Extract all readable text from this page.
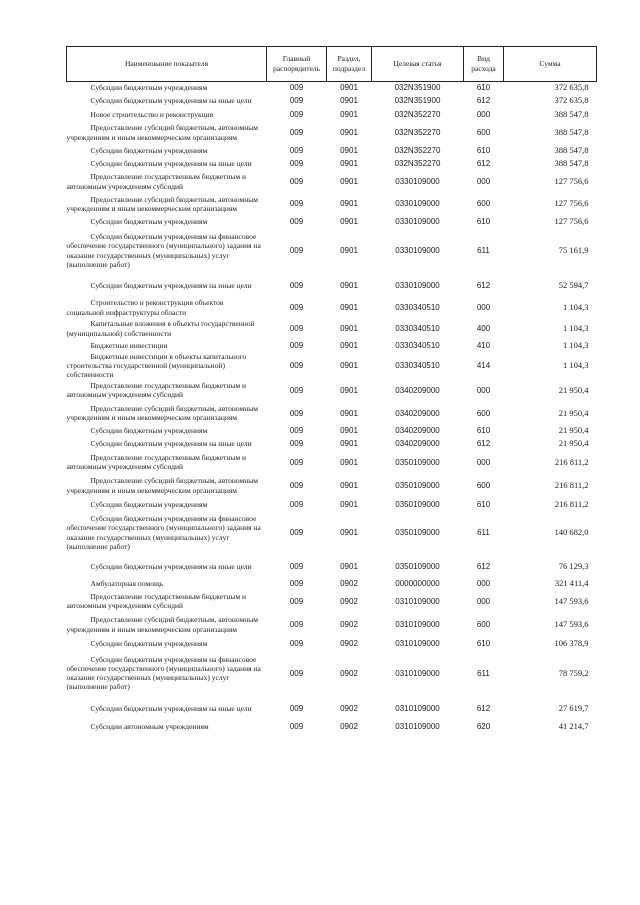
Наименование показателя	Главный распорядитель	Раздел, подраздел	Целевая статья	Вид расхода	Сумма
Субсидии бюджетным учреждениям	009	0901	032N351900	610	372 635,8
Субсидии бюджетным учреждениям на иные цели	009	0901	032N351900	612	372 635,8
Новое строительство и реконструкция	009	0901	032N352270	000	388 547,8
Предоставление субсидий бюджетным, автономным учреждениям и иным некоммерческим организациям	009	0901	032N352270	600	388 547,8
Субсидии бюджетным учреждениям	009	0901	032N352270	610	388 547,8
Субсидии бюджетным учреждениям на иные цели	009	0901	032N352270	612	388 547,8
Предоставление государственным бюджетным и автономным учреждениям субсидий	009	0901	0330109000	000	127 756,6
Предоставление субсидий бюджетным, автономным учреждениям и иным некоммерческим организациям	009	0901	0330109000	600	127 756,6
Субсидии бюджетным учреждениям	009	0901	0330109000	610	127 756,6
Субсидии бюджетным учреждениям на финансовое обеспечение государственного (муниципального) задания на оказание государственных (муниципальных) услуг (выполнение работ)	009	0901	0330109000	611	75 161,9
Субсидии бюджетным учреждениям на иные цели	009	0901	0330109000	612	52 594,7
Строительство и реконструкция объектов социальной инфраструктуры области	009	0901	0330340510	000	1 104,3
Капитальные вложения в объекты государственной (муниципальной) собственности	009	0901	0330340510	400	1 104,3
Бюджетные инвестиции	009	0901	0330340510	410	1 104,3
Бюджетные инвестиции в объекты капитального строительства государственной (муниципальной) собственности	009	0901	0330340510	414	1 104,3
Предоставление государственным бюджетным и автономным учреждениям субсидий	009	0901	0340209000	000	21 950,4
Предоставление субсидий бюджетным, автономным учреждениям и иным некоммерческим организациям	009	0901	0340209000	600	21 950,4
Субсидии бюджетным учреждениям	009	0901	0340209000	610	21 950,4
Субсидии бюджетным учреждениям на иные цели	009	0901	0340209000	612	21 950,4
Предоставление государственным бюджетным и автономным учреждениям субсидий	009	0901	0350109000	000	216 811,2
Предоставление субсидий бюджетным, автономным учреждениям и иным некоммерческим организациям	009	0901	0350109000	600	216 811,2
Субсидии бюджетным учреждениям	009	0901	0350109000	610	216 811,2
Субсидии бюджетным учреждениям на финансовое обеспечение государственного (муниципального) задания на оказание государственных (муниципальных) услуг (выполнение работ)	009	0901	0350109000	611	140 682,0
Субсидии бюджетным учреждениям на иные цели	009	0901	0350109000	612	76 129,3
Амбулаторная помощь	009	0902	0000000000	000	321 411,4
Предоставление государственным бюджетным и автономным учреждениям субсидий	009	0902	0310109000	000	147 593,6
Предоставление субсидий бюджетным, автономным учреждениям и иным некоммерческим организациям	009	0902	0310109000	600	147 593,6
Субсидии бюджетным учреждениям	009	0902	0310109000	610	106 378,9
Субсидии бюджетным учреждениям на финансовое обеспечение государственного (муниципального) задания на оказание государственных (муниципальных) услуг (выполнение работ)	009	0902	0310109000	611	78 759,2
Субсидии бюджетным учреждениям на иные цели	009	0902	0310109000	612	27 619,7
Субсидии автономным учреждениям	009	0902	0310109000	620	41 214,7
